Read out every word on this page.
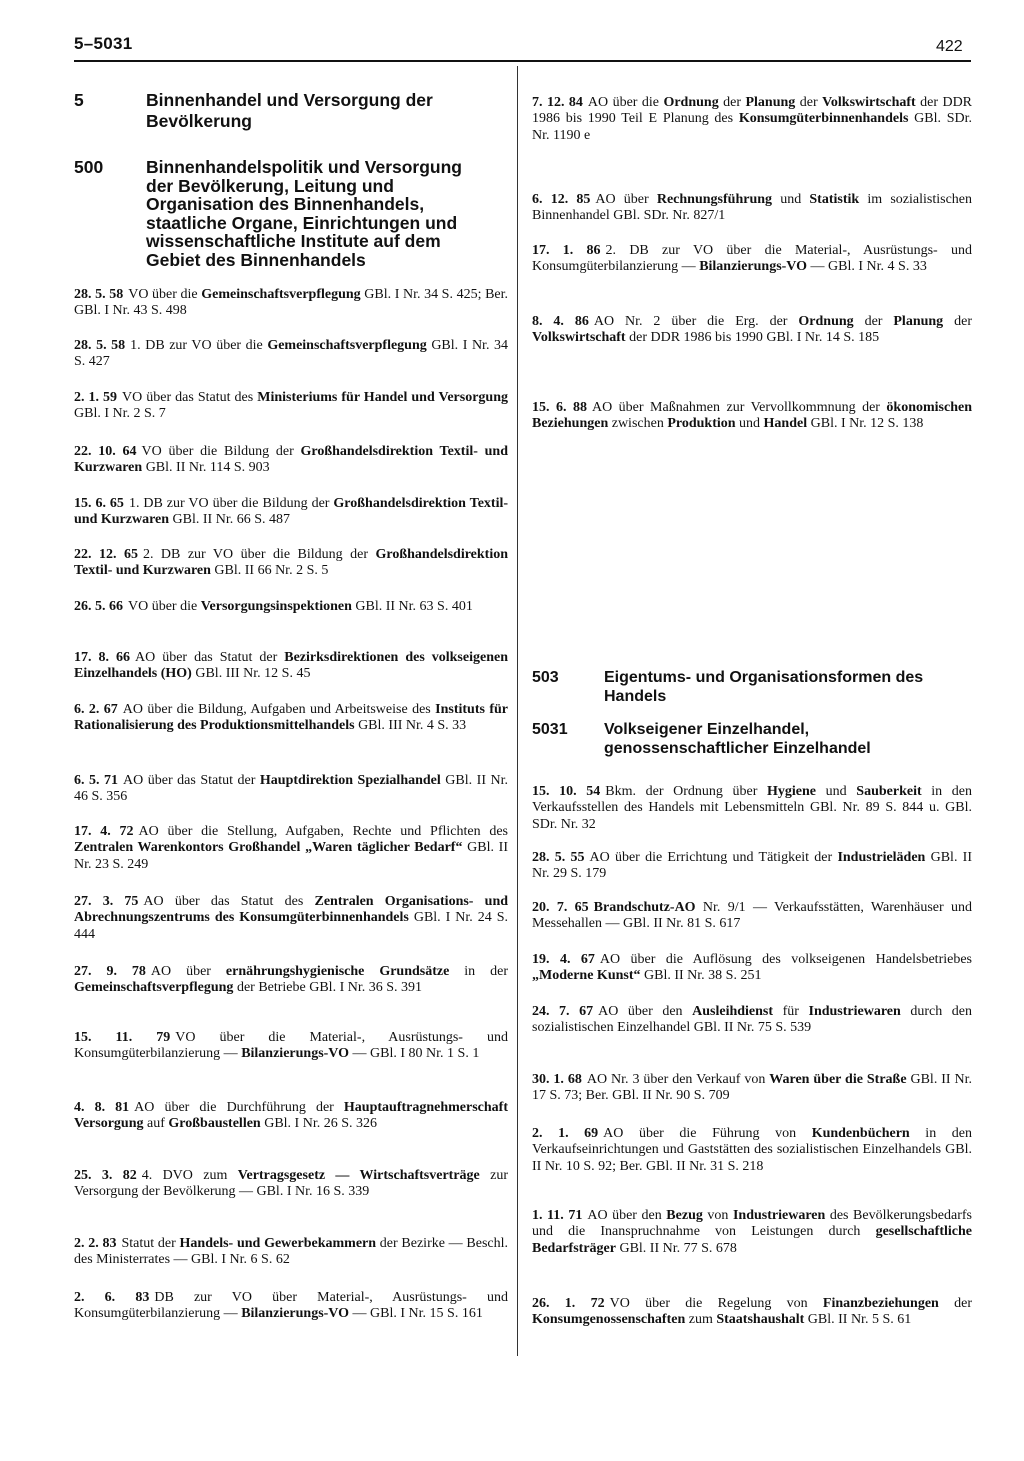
5–5031	422
5	Binnenhandel und Versorgung der Bevölkerung
500	Binnenhandelspolitik und Versorgung der Bevölkerung, Leitung und Organisation des Binnenhandels, staatliche Organe, Einrichtungen und wissenschaftliche Institute auf dem Gebiet des Binnenhandels

28. 5. 58 VO über die Gemeinschaftsverpflegung GBl. I Nr. 34 S. 425; Ber. GBl. I Nr. 43 S. 498

28. 5. 58 1. DB zur VO über die Gemeinschaftsverpflegung GBl. I Nr. 34 S. 427

2. 1. 59 VO über das Statut des Ministeriums für Handel und Versorgung GBl. I Nr. 2 S. 7

22. 10. 64 VO über die Bildung der Großhandelsdirektion Textil- und Kurzwaren GBl. II Nr. 114 S. 903

15. 6. 65 1. DB zur VO über die Bildung der Großhandelsdirektion Textil- und Kurzwaren GBl. II Nr. 66 S. 487

22. 12. 65 2. DB zur VO über die Bildung der Großhandelsdirektion Textil- und Kurzwaren GBl. II 66 Nr. 2 S. 5

26. 5. 66 VO über die Versorgungsinspektionen GBl. II Nr. 63 S. 401

17. 8. 66 AO über das Statut der Bezirksdirektionen des volkseigenen Einzelhandels (HO) GBl. III Nr. 12 S. 45

6. 2. 67 AO über die Bildung, Aufgaben und Arbeitsweise des Instituts für Rationalisierung des Produktionsmittelhandels GBl. III Nr. 4 S. 33

6. 5. 71 AO über das Statut der Hauptdirektion Spezialhandel GBl. II Nr. 46 S. 356

17. 4. 72 AO über die Stellung, Aufgaben, Rechte und Pflichten des Zentralen Warenkontors Großhandel „Waren täglicher Bedarf“ GBl. II Nr. 23 S. 249

27. 3. 75 AO über das Statut des Zentralen Organisations- und Abrechnungszentrums des Konsumgüterbinnenhandels GBl. I Nr. 24 S. 444

27. 9. 78 AO über ernährungshygienische Grundsätze in der Gemeinschaftsverpflegung der Betriebe GBl. I Nr. 36 S. 391

15. 11. 79 VO über die Material-, Ausrüstungs- und Konsumgüterbilanzierung — Bilanzierungs-VO — GBl. I 80 Nr. 1 S. 1

4. 8. 81 AO über die Durchführung der Hauptauftragnehmerschaft Versorgung auf Großbaustellen GBl. I Nr. 26 S. 326

25. 3. 82 4. DVO zum Vertragsgesetz — Wirtschaftsverträge zur Versorgung der Bevölkerung — GBl. I Nr. 16 S. 339

2. 2. 83 Statut der Handels- und Gewerbekammern der Bezirke — Beschl. des Ministerrates — GBl. I Nr. 6 S. 62

2. 6. 83 DB zur VO über Material-, Ausrüstungs- und Konsumgüterbilanzierung — Bilanzierungs-VO — GBl. I Nr. 15 S. 161

7. 12. 84 AO über die Ordnung der Planung der Volkswirtschaft der DDR 1986 bis 1990 Teil E Planung des Konsumgüterbinnenhandels GBl. SDr. Nr. 1190 e

6. 12. 85 AO über Rechnungsführung und Statistik im sozialistischen Binnenhandel GBl. SDr. Nr. 827/1

17. 1. 86 2. DB zur VO über die Material-, Ausrüstungs- und Konsumgüterbilanzierung — Bilanzierungs-VO — GBl. I Nr. 4 S. 33

8. 4. 86 AO Nr. 2 über die Erg. der Ordnung der Planung der Volkswirtschaft der DDR 1986 bis 1990 GBl. I Nr. 14 S. 185

15. 6. 88 AO über Maßnahmen zur Vervollkommnung der ökonomischen Beziehungen zwischen Produktion und Handel GBl. I Nr. 12 S. 138

503	Eigentums- und Organisationsformen des Handels
5031	Volkseigener Einzelhandel, genossenschaftlicher Einzelhandel

15. 10. 54 Bkm. der Ordnung über Hygiene und Sauberkeit in den Verkaufsstellen des Handels mit Lebensmitteln GBl. Nr. 89 S. 844 u. GBl. SDr. Nr. 32

28. 5. 55 AO über die Errichtung und Tätigkeit der Industrieläden GBl. II Nr. 29 S. 179

20. 7. 65 Brandschutz-AO Nr. 9/1 — Verkaufsstätten, Warenhäuser und Messehallen — GBl. II Nr. 81 S. 617

19. 4. 67 AO über die Auflösung des volkseigenen Handelsbetriebes „Moderne Kunst“ GBl. II Nr. 38 S. 251

24. 7. 67 AO über den Ausleihdienst für Industriewaren durch den sozialistischen Einzelhandel GBl. II Nr. 75 S. 539

30. 1. 68 AO Nr. 3 über den Verkauf von Waren über die Straße GBl. II Nr. 17 S. 73; Ber. GBl. II Nr. 90 S. 709

2. 1. 69 AO über die Führung von Kundenbüchern in den Verkaufseinrichtungen und Gaststätten des sozialistischen Einzelhandels GBl. II Nr. 10 S. 92; Ber. GBl. II Nr. 31 S. 218

1. 11. 71 AO über den Bezug von Industriewaren des Bevölkerungsbedarfs und die Inanspruchnahme von Leistungen durch gesellschaftliche Bedarfsträger GBl. II Nr. 77 S. 678

26. 1. 72 VO über die Regelung von Finanzbeziehungen der Konsumgenossenschaften zum Staatshaushalt GBl. II Nr. 5 S. 61
